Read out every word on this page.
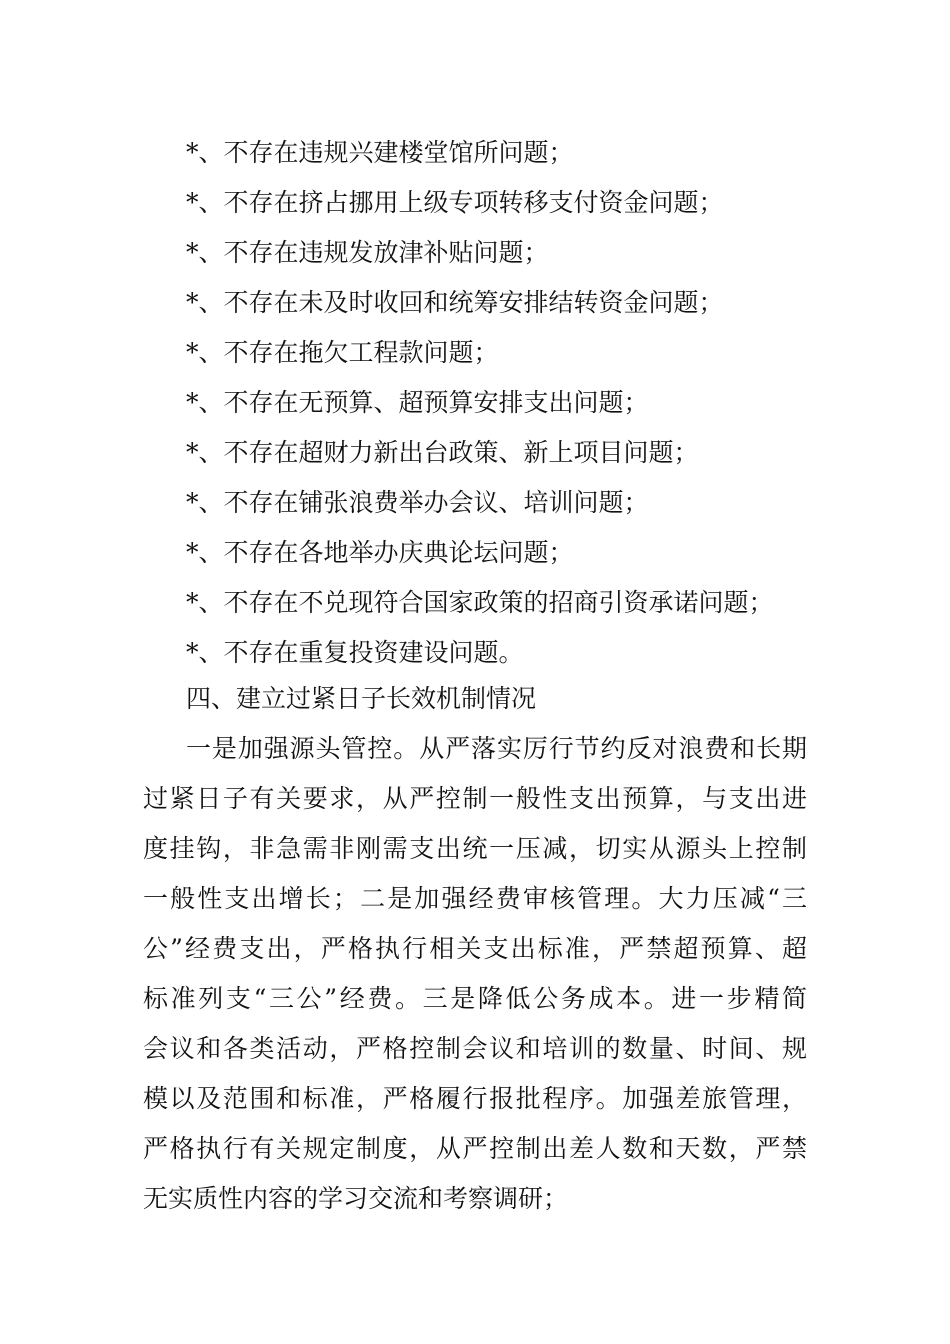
*、不存在违规兴建楼堂馆所问题；
*、不存在挤占挪用上级专项转移支付资金问题；
*、不存在违规发放津补贴问题；
*、不存在未及时收回和统筹安排结转资金问题；
*、不存在拖欠工程款问题；
*、不存在无预算、超预算安排支出问题；
*、不存在超财力新出台政策、新上项目问题；
*、不存在铺张浪费举办会议、培训问题；
*、不存在各地举办庆典论坛问题；
*、不存在不兑现符合国家政策的招商引资承诺问题；
*、不存在重复投资建设问题。
四、建立过紧日子长效机制情况
一是加强源头管控。从严落实厉行节约反对浪费和长期
过紧日子有关要求，从严控制一般性支出预算，与支出进
度挂钩，非急需非刚需支出统一压减，切实从源头上控制
一般性支出增长；二是加强经费审核管理。大力压减“三
公”经费支出，严格执行相关支出标准，严禁超预算、超
标准列支“三公”经费。三是降低公务成本。进一步精简
会议和各类活动，严格控制会议和培训的数量、时间、规
模以及范围和标准，严格履行报批程序。加强差旅管理，
严格执行有关规定制度，从严控制出差人数和天数，严禁
无实质性内容的学习交流和考察调研；
